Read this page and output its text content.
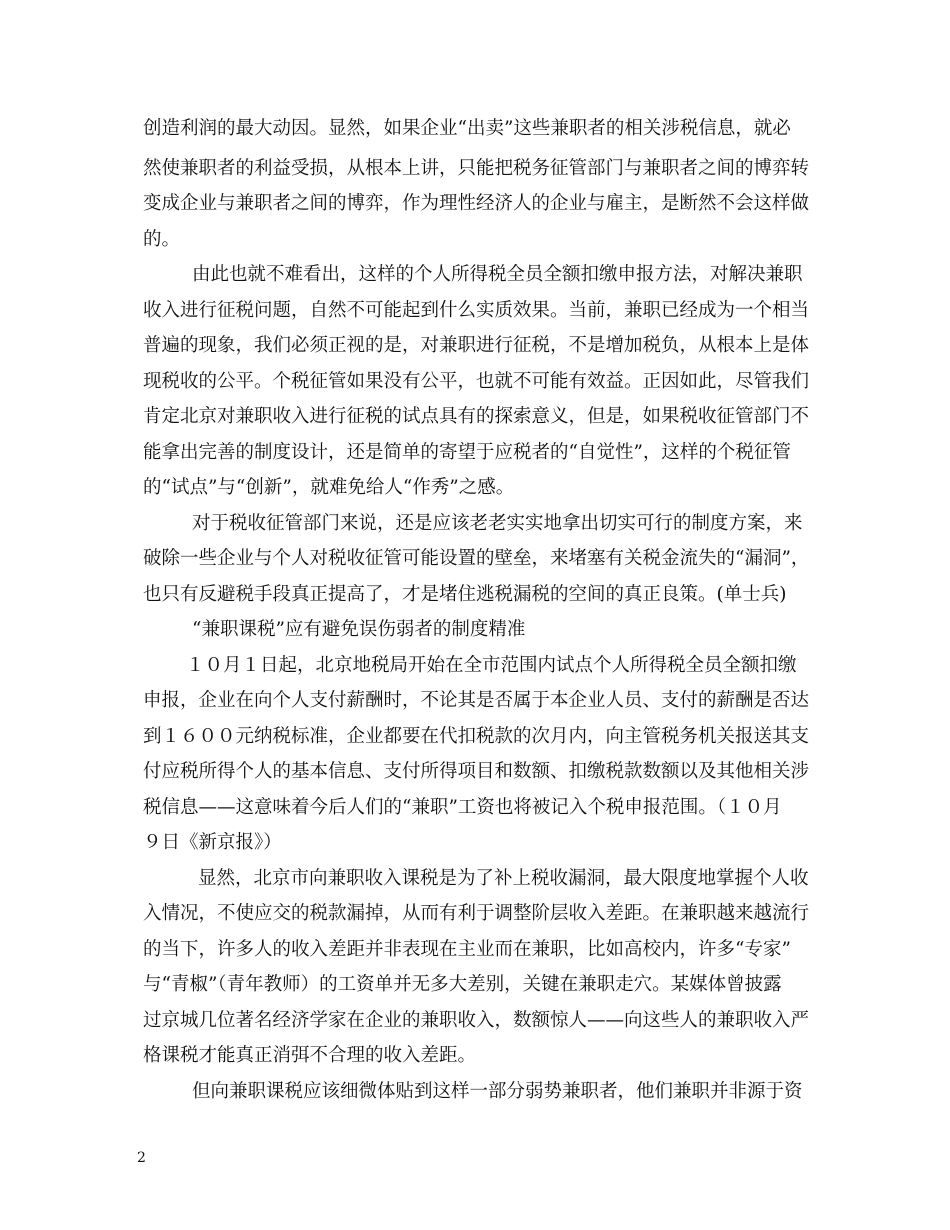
创造利润的最大动因。显然，如果企业“出卖”这些兼职者的相关涉税信息，就必
然使兼职者的利益受损，从根本上讲，只能把税务征管部门与兼职者之间的博弈转
变成企业与兼职者之间的博弈，作为理性经济人的企业与雇主，是断然不会这样做
的。
由此也就不难看出，这样的个人所得税全员全额扣缴申报方法，对解决兼职
收入进行征税问题，自然不可能起到什么实质效果。当前，兼职已经成为一个相当
普遍的现象，我们必须正视的是，对兼职进行征税，不是增加税负，从根本上是体
现税收的公平。个税征管如果没有公平，也就不可能有效益。正因如此，尽管我们
肯定北京对兼职收入进行征税的试点具有的探索意义，但是，如果税收征管部门不
能拿出完善的制度设计，还是简单的寄望于应税者的“自觉性”，这样的个税征管
的“试点”与“创新”，就难免给人“作秀”之感。
对于税收征管部门来说，还是应该老老实实地拿出切实可行的制度方案，来
破除一些企业与个人对税收征管可能设置的壁垒，来堵塞有关税金流失的“漏洞”，
也只有反避税手段真正提高了，才是堵住逃税漏税的空间的真正良策。(单士兵)
“兼职课税”应有避免误伤弱者的制度精准
１０月１日起，北京地税局开始在全市范围内试点个人所得税全员全额扣缴
申报，企业在向个人支付薪酬时，不论其是否属于本企业人员、支付的薪酬是否达
到１６００元纳税标准，企业都要在代扣税款的次月内，向主管税务机关报送其支
付应税所得个人的基本信息、支付所得项目和数额、扣缴税款数额以及其他相关涉
税信息——这意味着今后人们的“兼职”工资也将被记入个税申报范围。（１０月
９日《新京报》）
显然，北京市向兼职收入课税是为了补上税收漏洞，最大限度地掌握个人收
入情况，不使应交的税款漏掉，从而有利于调整阶层收入差距。在兼职越来越流行
的当下，许多人的收入差距并非表现在主业而在兼职，比如高校内，许多“专家”
与“青椒”（青年教师）的工资单并无多大差别，关键在兼职走穴。某媒体曾披露
过京城几位著名经济学家在企业的兼职收入，数额惊人——向这些人的兼职收入严
格课税才能真正消弭不合理的收入差距。
但向兼职课税应该细微体贴到这样一部分弱势兼职者，他们兼职并非源于资
2
